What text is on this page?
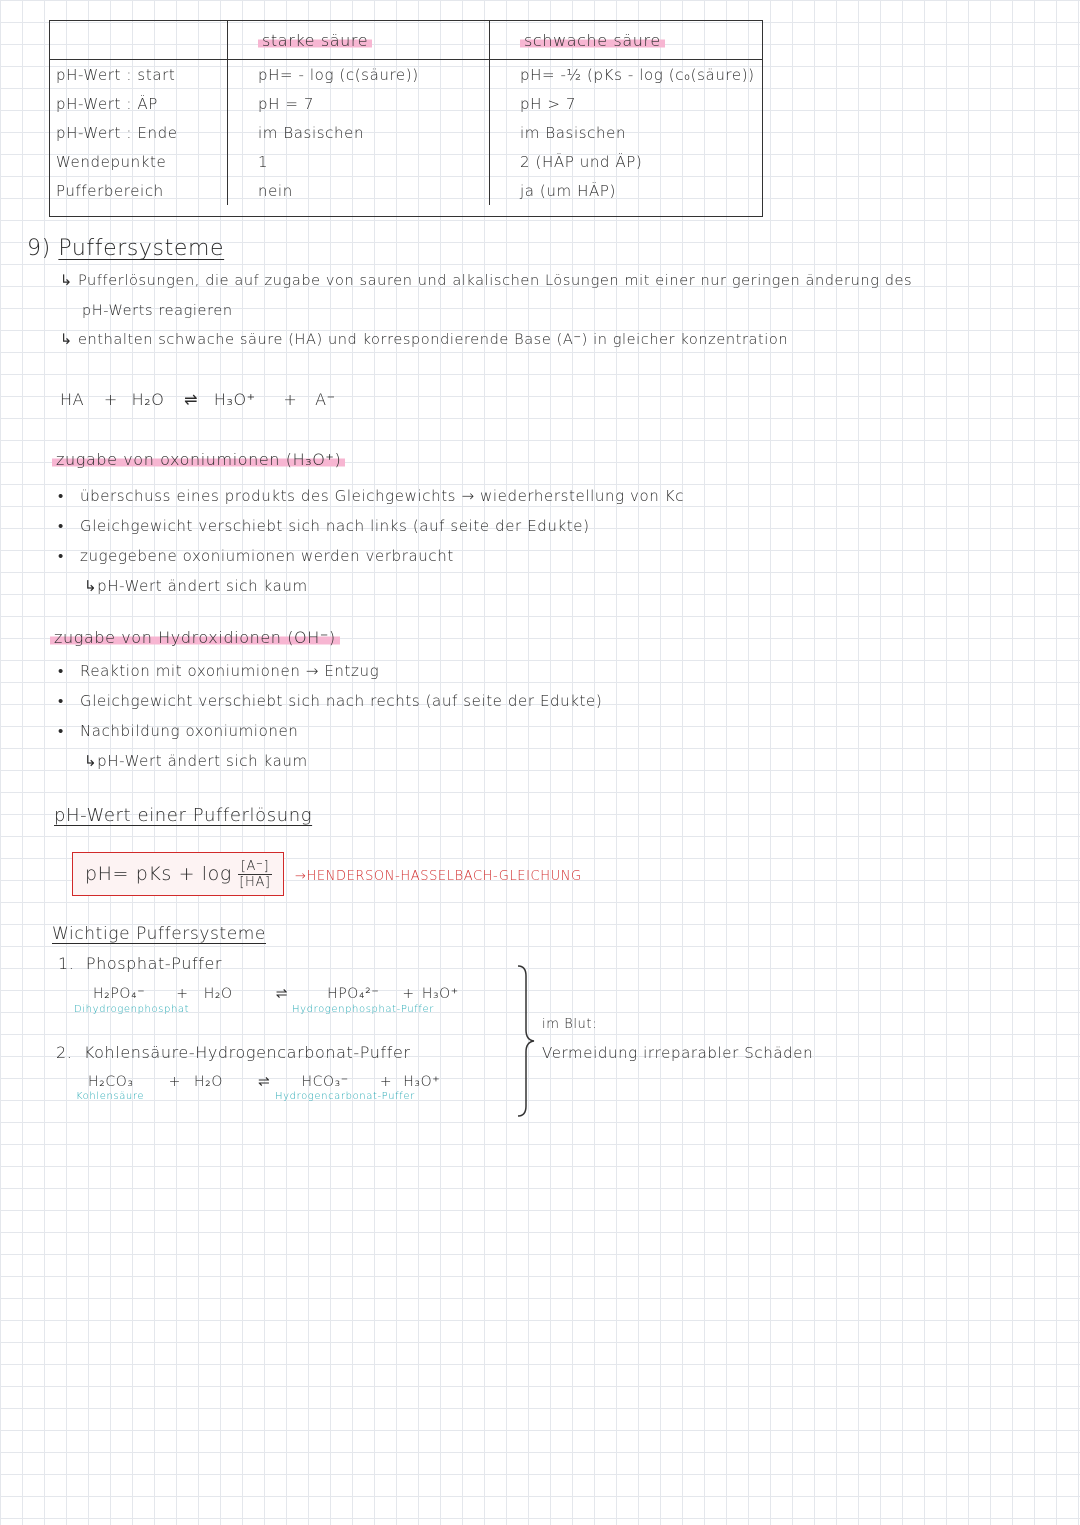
	starke säure	schwache säure
pH-Wert : start	pH= - log (c(säure))	pH= -½ (pKs - log (c₀(säure))
pH-Wert : ÄP	pH = 7	pH > 7
pH-Wert : Ende	im Basischen	im Basischen
Wendepunkte	1	2 (HÄP und ÄP)
Pufferbereich	nein	ja (um HÄP)
9) Puffersysteme
↳ Pufferlösungen, die auf zugabe von sauren und alkalischen Lösungen mit einer nur geringen änderung des
pH-Werts reagieren
↳ enthalten schwache säure (HA) und korrespondierende Base (A⁻) in gleicher konzentration
HA + H₂O ⇌ H₃O⁺ + A⁻
zugabe von oxoniumionen (H₃O⁺)
•   überschuss eines produkts des Gleichgewichts → wiederherstellung von Kc
•   Gleichgewicht verschiebt sich nach links (auf seite der Edukte)
•   zugegebene oxoniumionen werden verbraucht
↳pH-Wert ändert sich kaum
zugabe von Hydroxidionen (OH⁻)
•   Reaktion mit oxoniumionen → Entzug
•   Gleichgewicht verschiebt sich nach rechts (auf seite der Edukte)
•   Nachbildung oxoniumionen
↳pH-Wert ändert sich kaum
pH-Wert einer Pufferlösung
pH= pKs + $\log \frac{[A^-]}{[HA]}$ →HENDERSON-HASSELBACH-GLEICHUNG
Wichtige Puffersysteme
1. Phosphat-Puffer
H₂PO₄⁻ + H₂O	⇌	HPO₄²⁻ + H₃O⁺
Dihydrogenphosphat	Hydrogenphosphat-Puffer
2. Kohlensäure-Hydrogencarbonat-Puffer
H₂CO₃	+ H₂O	⇌ HCO₃⁻ + H₃O⁺
Kohlensäure	Hydrogencarbonat-Puffer
im Blut:
Vermeidung irreparabler Schäden
